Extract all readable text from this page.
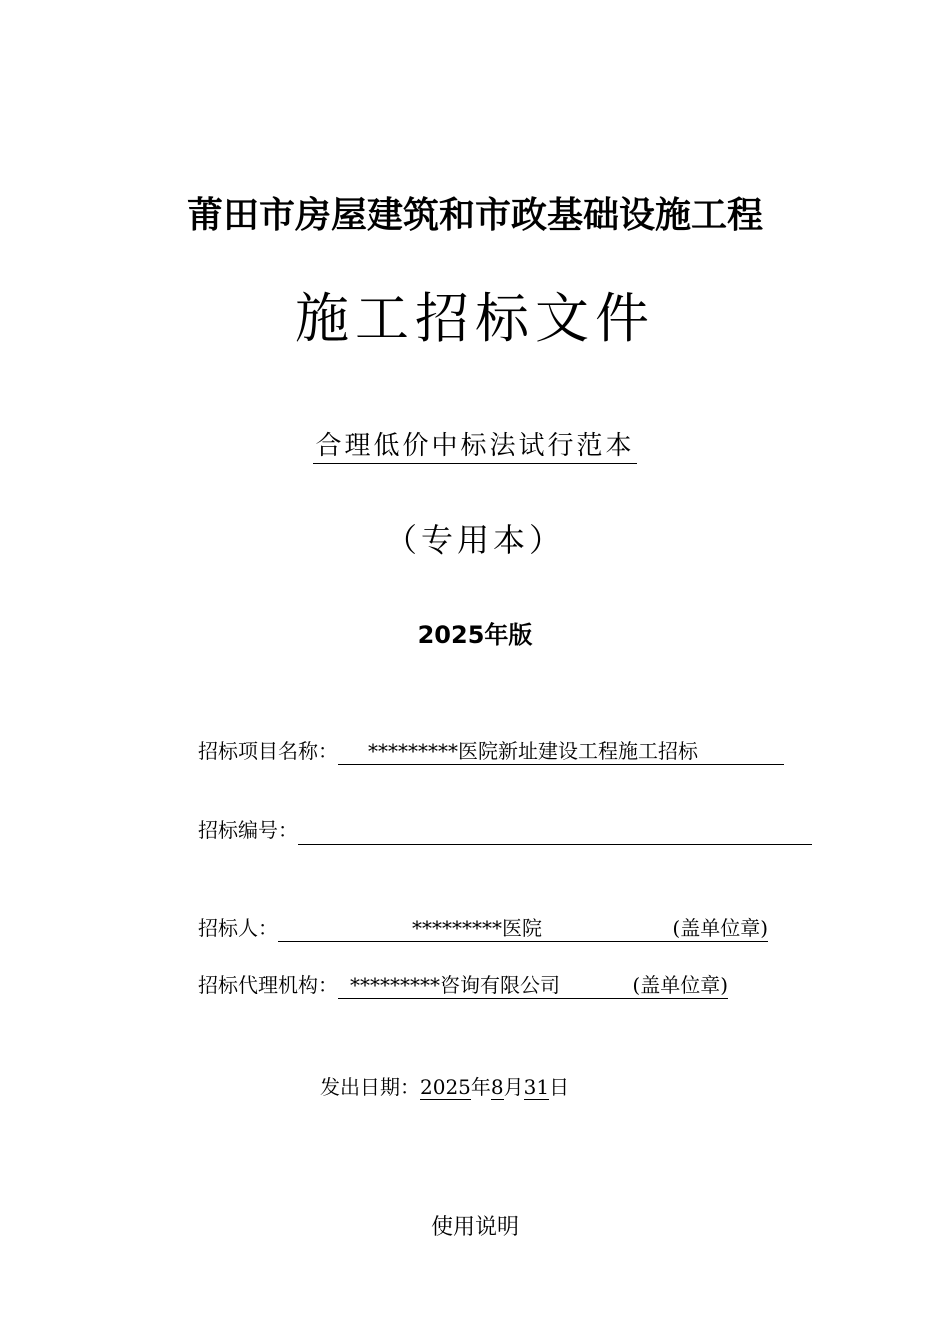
莆田市房屋建筑和市政基础设施工程
施工招标文件
合理低价中标法试行范本
（专用本）
2025年版
招标项目名称： *********医院新址建设工程施工招标
招标编号：
招标人：	*********医院	(盖单位章)
招标代理机构： *********咨询有限公司	(盖单位章)
发出日期：2025年8月31日
使用说明
